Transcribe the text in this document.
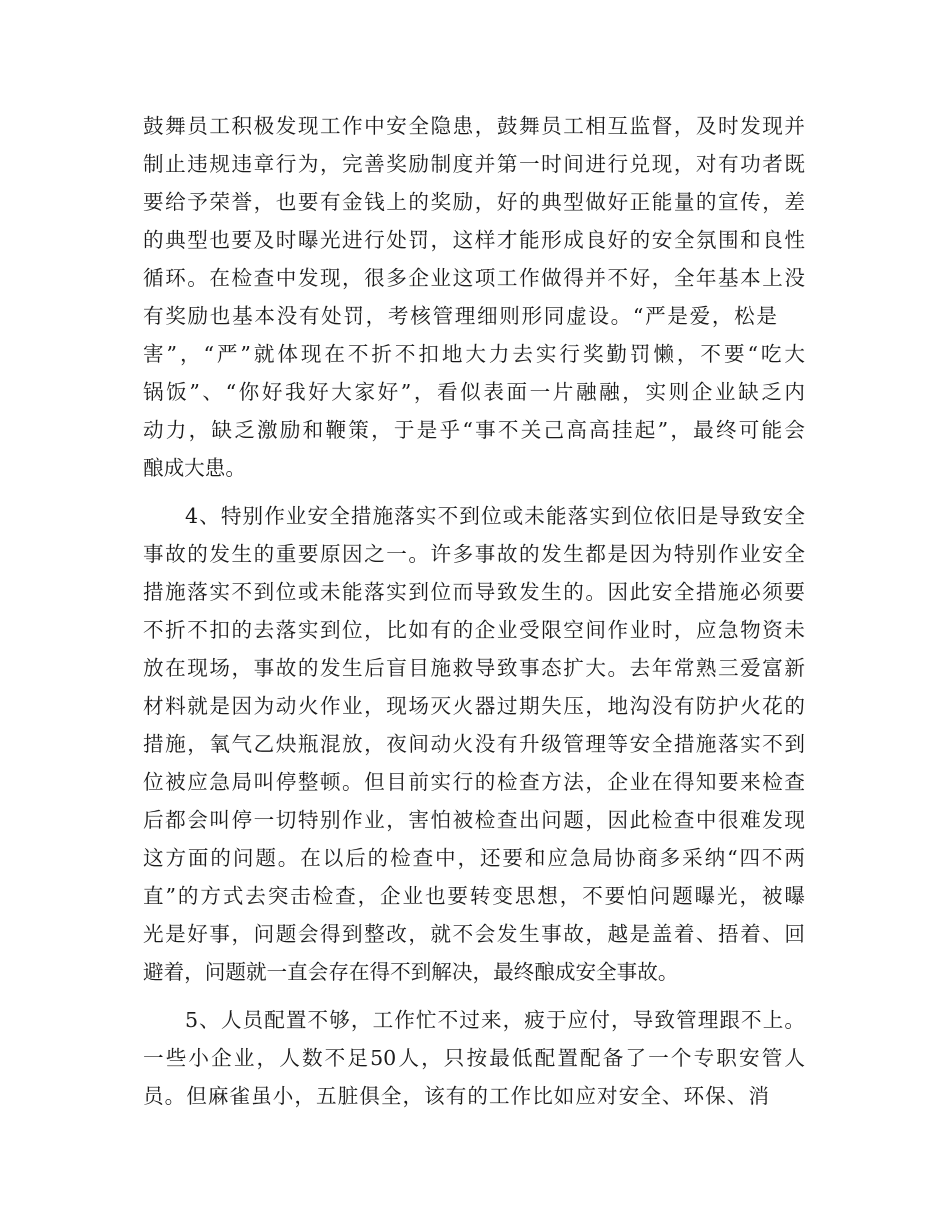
鼓舞员工积极发现工作中安全隐患，鼓舞员工相互监督，及时发现并
制止违规违章行为，完善奖励制度并第一时间进行兑现，对有功者既
要给予荣誉，也要有金钱上的奖励，好的典型做好正能量的宣传，差
的典型也要及时曝光进行处罚，这样才能形成良好的安全氛围和良性
循环。在检查中发现，很多企业这项工作做得并不好，全年基本上没
有奖励也基本没有处罚，考核管理细则形同虚设。“严是爱，松是
害”，“严”就体现在不折不扣地大力去实行奖勤罚懒，不要“吃大
锅饭”、“你好我好大家好”，看似表面一片融融，实则企业缺乏内
动力，缺乏激励和鞭策，于是乎“事不关己高高挂起”，最终可能会
酿成大患。
4、特别作业安全措施落实不到位或未能落实到位依旧是导致安全
事故的发生的重要原因之一。许多事故的发生都是因为特别作业安全
措施落实不到位或未能落实到位而导致发生的。因此安全措施必须要
不折不扣的去落实到位，比如有的企业受限空间作业时，应急物资未
放在现场，事故的发生后盲目施救导致事态扩大。去年常熟三爱富新
材料就是因为动火作业，现场灭火器过期失压，地沟没有防护火花的
措施，氧气乙炔瓶混放，夜间动火没有升级管理等安全措施落实不到
位被应急局叫停整顿。但目前实行的检查方法，企业在得知要来检查
后都会叫停一切特别作业，害怕被检查出问题，因此检查中很难发现
这方面的问题。在以后的检查中，还要和应急局协商多采纳“四不两
直”的方式去突击检查，企业也要转变思想，不要怕问题曝光，被曝
光是好事，问题会得到整改，就不会发生事故，越是盖着、捂着、回
避着，问题就一直会存在得不到解决，最终酿成安全事故。
5、人员配置不够，工作忙不过来，疲于应付，导致管理跟不上。
一些小企业，人数不足50人，只按最低配置配备了一个专职安管人
员。但麻雀虽小，五脏俱全，该有的工作比如应对安全、环保、消
